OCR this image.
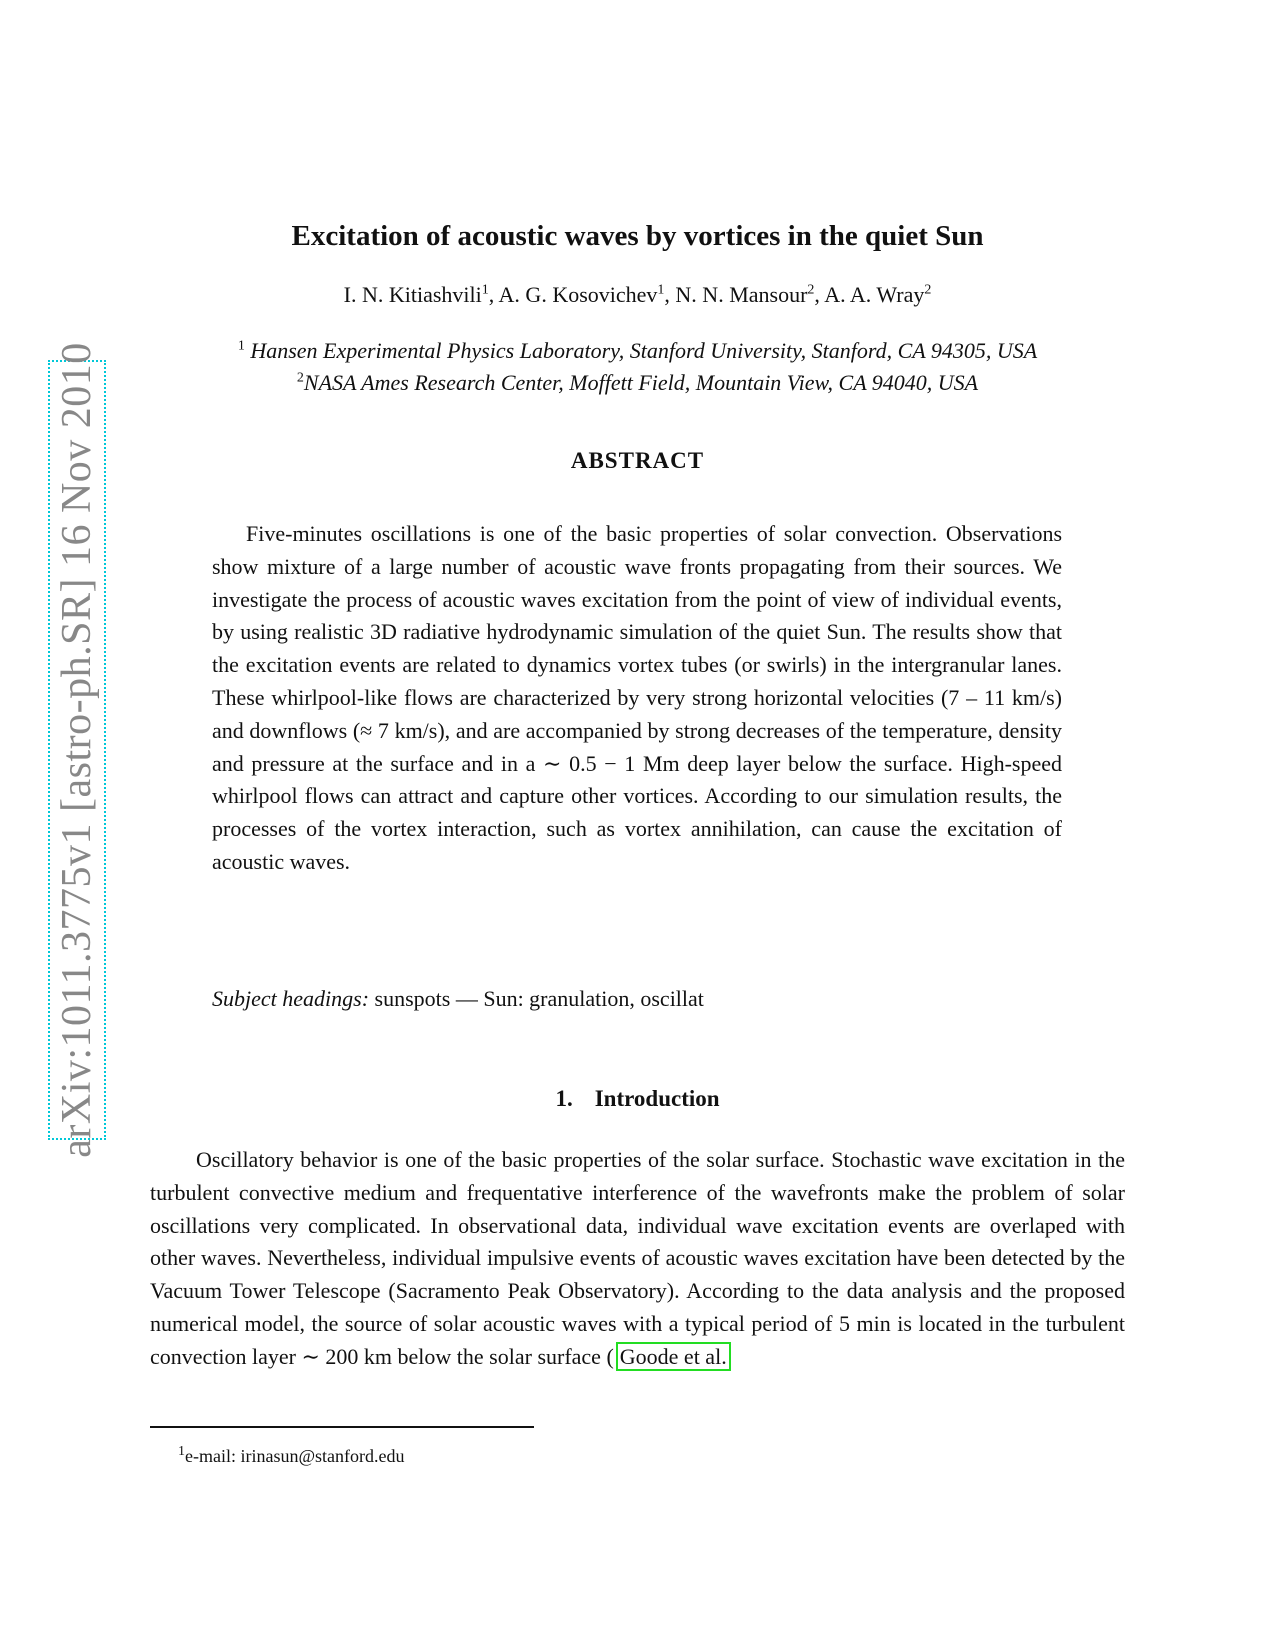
arXiv:1011.3775v1 [astro-ph.SR] 16 Nov 2010
Excitation of acoustic waves by vortices in the quiet Sun
I. N. Kitiashvili$^1$, A. G. Kosovichev$^1$, N. N. Mansour$^2$, A. A. Wray$^2$
$^1$ Hansen Experimental Physics Laboratory, Stanford University, Stanford, CA 94305, USA
$^2$NASA Ames Research Center, Moffett Field, Mountain View, CA 94040, USA
ABSTRACT
Five-minutes oscillations is one of the basic properties of solar convection. Observations show mixture of a large number of acoustic wave fronts propagating from their sources. We investigate the process of acoustic waves excitation from the point of view of individual events, by using realistic 3D radiative hydrodynamic simulation of the quiet Sun. The results show that the excitation events are related to dynamics vortex tubes (or swirls) in the intergranular lanes. These whirlpool-like flows are characterized by very strong horizontal velocities (7 – 11 km/s) and downflows (≈ 7 km/s), and are accompanied by strong decreases of the temperature, density and pressure at the surface and in a ∼ 0.5 − 1 Mm deep layer below the surface. High-speed whirlpool flows can attract and capture other vortices. According to our simulation results, the processes of the vortex interaction, such as vortex annihilation, can cause the excitation of acoustic waves.
Subject headings: sunspots — Sun: granulation, oscillat
1. Introduction
Oscillatory behavior is one of the basic properties of the solar surface. Stochastic wave excitation in the turbulent convective medium and frequentative interference of the wavefronts make the problem of solar oscillations very complicated. In observational data, individual wave excitation events are overlaped with other waves. Nevertheless, individual impulsive events of acoustic waves excitation have been detected by the Vacuum Tower Telescope (Sacramento Peak Observatory). According to the data analysis and the proposed numerical model, the source of solar acoustic waves with a typical period of 5 min is located in the turbulent convection layer ∼ 200 km below the solar surface ( Goode et al.
$^1$e-mail: irinasun@stanford.edu
